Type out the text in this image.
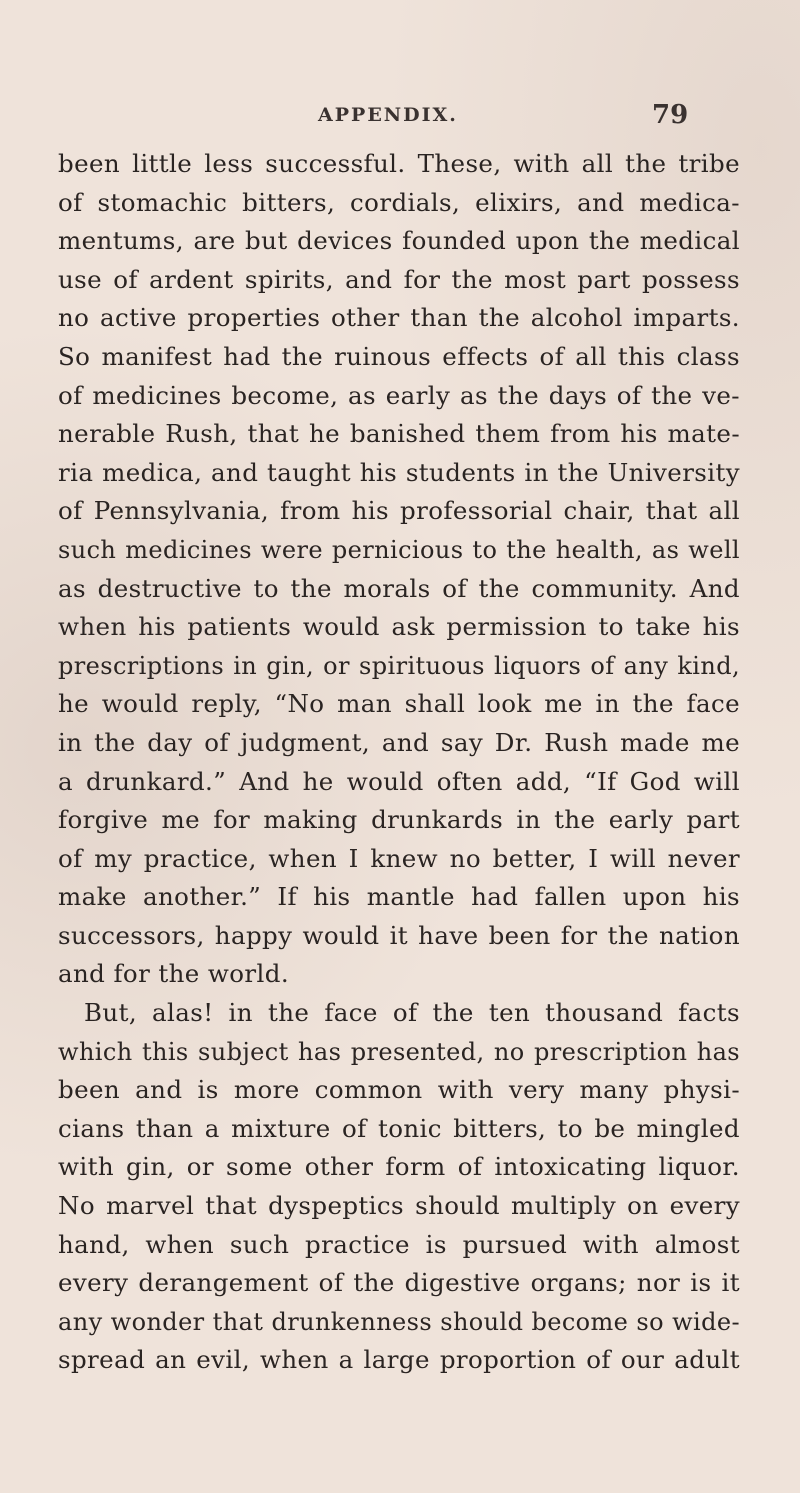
APPENDIX.	79
been little less successful. These, with all the tribe
of stomachic bitters, cordials, elixirs, and medica-
mentums, are but devices founded upon the medical
use of ardent spirits, and for the most part possess
no active properties other than the alcohol imparts.
So manifest had the ruinous effects of all this class
of medicines become, as early as the days of the ve-
nerable Rush, that he banished them from his mate-
ria medica, and taught his students in the University
of Pennsylvania, from his professorial chair, that all
such medicines were pernicious to the health, as well
as destructive to the morals of the community. And
when his patients would ask permission to take his
prescriptions in gin, or spirituous liquors of any kind,
he would reply, “No man shall look me in the face
in the day of judgment, and say Dr. Rush made me
a drunkard.” And he would often add, “If God will
forgive me for making drunkards in the early part
of my practice, when I knew no better, I will never
make another.” If his mantle had fallen upon his
successors, happy would it have been for the nation
and for the world.
But, alas! in the face of the ten thousand facts
which this subject has presented, no prescription has
been and is more common with very many physi-
cians than a mixture of tonic bitters, to be mingled
with gin, or some other form of intoxicating liquor.
No marvel that dyspeptics should multiply on every
hand, when such practice is pursued with almost
every derangement of the digestive organs; nor is it
any wonder that drunkenness should become so wide-
spread an evil, when a large proportion of our adult
